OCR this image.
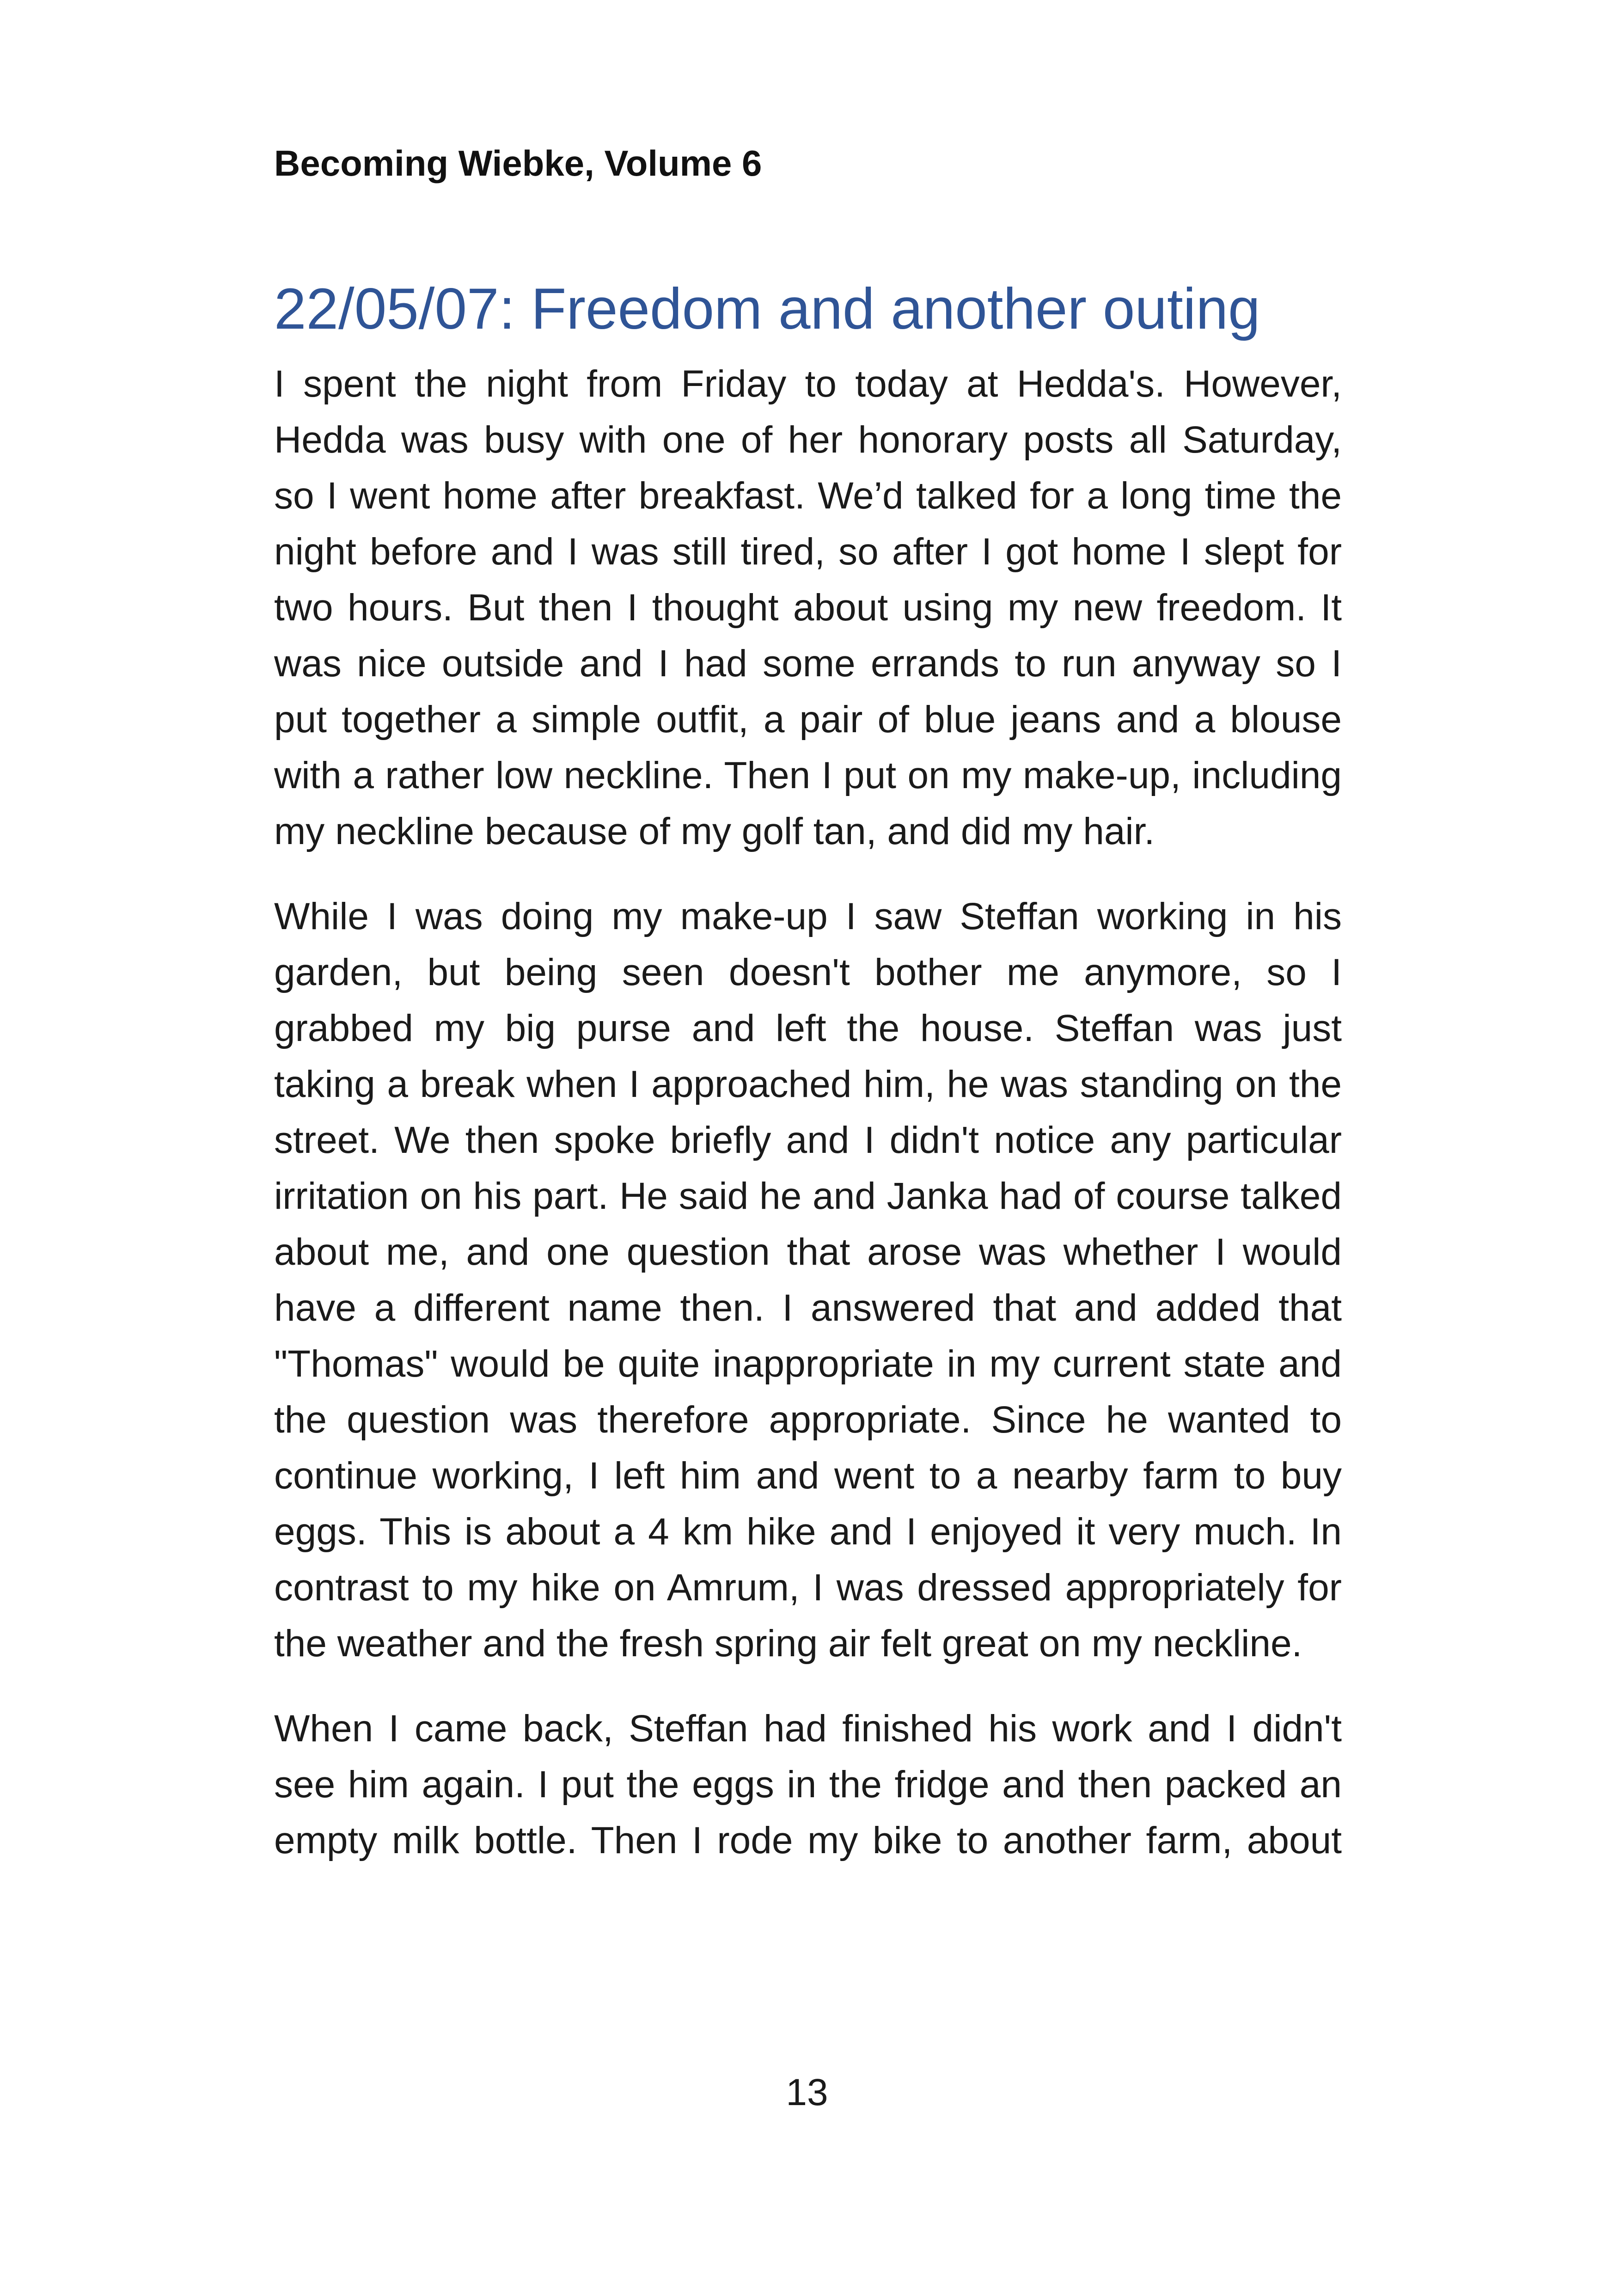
Becoming Wiebke, Volume 6
22/05/07: Freedom and another outing

I spent the night from Friday to today at Hedda's. However, Hedda was busy with one of her honorary posts all Saturday, so I went home after breakfast. We’d talked for a long time the night before and I was still tired, so after I got home I slept for two hours. But then I thought about using my new freedom. It was nice outside and I had some errands to run anyway so I put together a simple outfit, a pair of blue jeans and a blouse with a rather low neckline. Then I put on my make-up, including my neckline because of my golf tan, and did my hair.

While I was doing my make-up I saw Steffan working in his garden, but being seen doesn't bother me anymore, so I grabbed my big purse and left the house. Steffan was just taking a break when I approached him, he was standing on the street. We then spoke briefly and I didn't notice any particular irritation on his part. He said he and Janka had of course talked about me, and one question that arose was whether I would have a different name then. I answered that and added that "Thomas" would be quite inappropriate in my current state and the question was therefore appropriate. Since he wanted to continue working, I left him and went to a nearby farm to buy eggs. This is about a 4 km hike and I enjoyed it very much. In contrast to my hike on Amrum, I was dressed appropriately for the weather and the fresh spring air felt great on my neckline.

When I came back, Steffan had finished his work and I didn't see him again. I put the eggs in the fridge and then packed an empty milk bottle. Then I rode my bike to another farm, about

13
